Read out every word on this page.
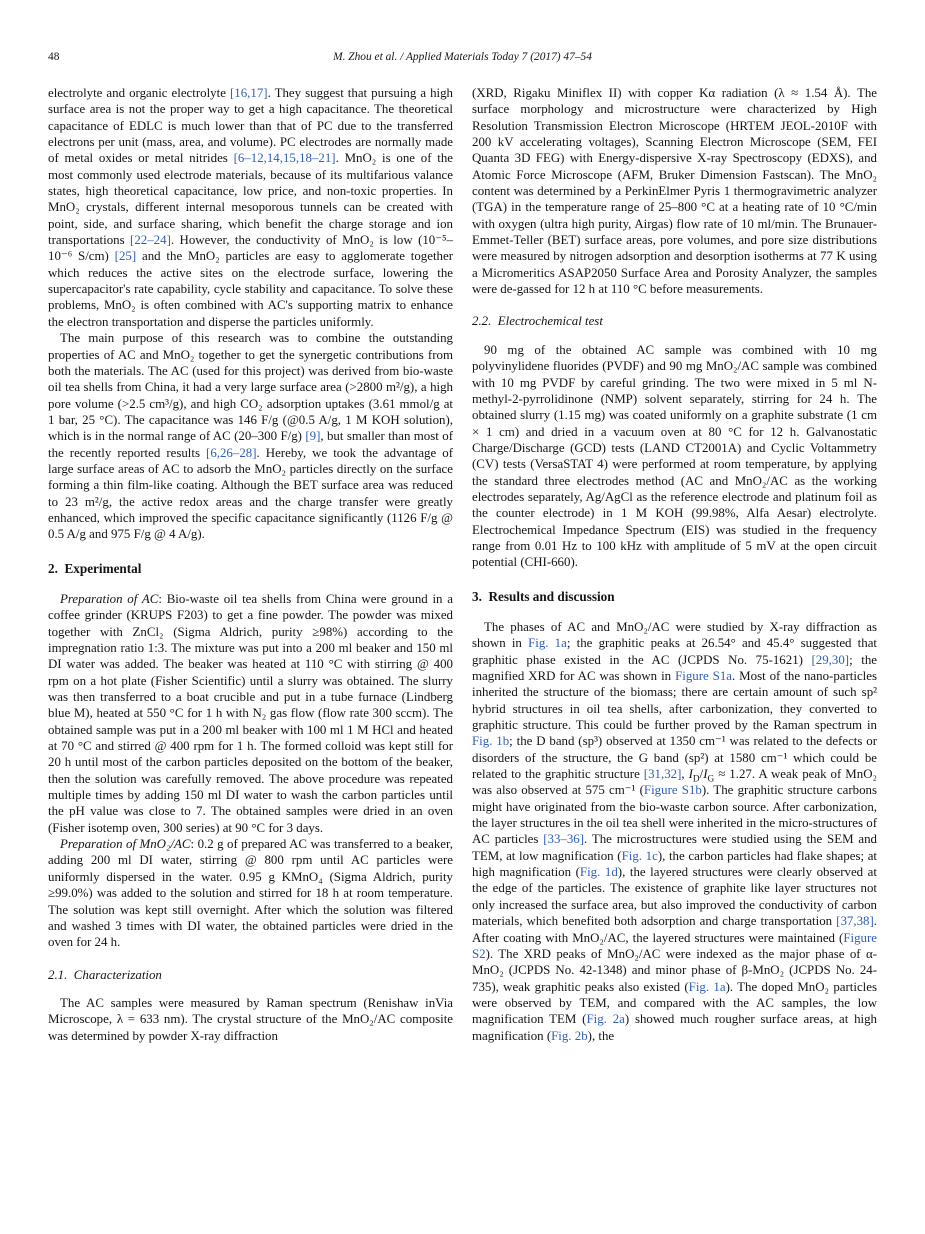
48	M. Zhou et al. / Applied Materials Today 7 (2017) 47–54

electrolyte and organic electrolyte [16,17]. They suggest that pursuing a high surface area is not the proper way to get a high capacitance. The theoretical capacitance of EDLC is much lower than that of PC due to the transferred electrons per unit (mass, area, and volume). PC electrodes are normally made of metal oxides or metal nitrides [6–12,14,15,18–21]. MnO₂ is one of the most commonly used electrode materials, because of its multifarious valance states, high theoretical capacitance, low price, and non-toxic properties. In MnO₂ crystals, different internal mesoporous tunnels can be created with point, side, and surface sharing, which benefit the charge storage and ion transportations [22–24]. However, the conductivity of MnO₂ is low (10⁻⁵–10⁻⁶ S/cm) [25] and the MnO₂ particles are easy to agglomerate together which reduces the active sites on the electrode surface, lowering the supercapacitor's rate capability, cycle stability and capacitance. To solve these problems, MnO₂ is often combined with AC's supporting matrix to enhance the electron transportation and disperse the particles uniformly.

The main purpose of this research was to combine the outstanding properties of AC and MnO₂ together to get the synergetic contributions from both the materials. The AC (used for this project) was derived from bio-waste oil tea shells from China, it had a very large surface area (>2800 m²/g), a high pore volume (>2.5 cm³/g), and high CO₂ adsorption uptakes (3.61 mmol/g at 1 bar, 25 °C). The capacitance was 146 F/g (@0.5 A/g, 1 M KOH solution), which is in the normal range of AC (20–300 F/g) [9], but smaller than most of the recently reported results [6,26–28]. Hereby, we took the advantage of large surface areas of AC to adsorb the MnO₂ particles directly on the surface forming a thin film-like coating. Although the BET surface area was reduced to 23 m²/g, the active redox areas and the charge transfer were greatly enhanced, which improved the specific capacitance significantly (1126 F/g @ 0.5 A/g and 975 F/g @ 4 A/g).

2. Experimental

Preparation of AC: Bio-waste oil tea shells from China were ground in a coffee grinder (KRUPS F203) to get a fine powder. The powder was mixed together with ZnCl₂ (Sigma Aldrich, purity ≥98%) according to the impregnation ratio 1:3. The mixture was put into a 200 ml beaker and 150 ml DI water was added. The beaker was heated at 110 °C with stirring @ 400 rpm on a hot plate (Fisher Scientific) until a slurry was obtained. The slurry was then transferred to a boat crucible and put in a tube furnace (Lindberg blue M), heated at 550 °C for 1 h with N₂ gas flow (flow rate 300 sccm). The obtained sample was put in a 200 ml beaker with 100 ml 1 M HCl and heated at 70 °C and stirred @ 400 rpm for 1 h. The formed colloid was kept still for 20 h until most of the carbon particles deposited on the bottom of the beaker, then the solution was carefully removed. The above procedure was repeated multiple times by adding 150 ml DI water to wash the carbon particles until the pH value was close to 7. The obtained samples were dried in an oven (Fisher isotemp oven, 300 series) at 90 °C for 3 days.

Preparation of MnO₂/AC: 0.2 g of prepared AC was transferred to a beaker, adding 200 ml DI water, stirring @ 800 rpm until AC particles were uniformly dispersed in the water. 0.95 g KMnO₄ (Sigma Aldrich, purity ≥99.0%) was added to the solution and stirred for 18 h at room temperature. The solution was kept still overnight. After which the solution was filtered and washed 3 times with DI water, the obtained particles were dried in the oven for 24 h.

2.1. Characterization

The AC samples were measured by Raman spectrum (Renishaw inVia Microscope, λ = 633 nm). The crystal structure of the MnO₂/AC composite was determined by powder X-ray diffraction

(XRD, Rigaku Miniflex II) with copper Kα radiation (λ ≈ 1.54 Å). The surface morphology and microstructure were characterized by High Resolution Transmission Electron Microscope (HRTEM JEOL-2010F with 200 kV accelerating voltages), Scanning Electron Microscope (SEM, FEI Quanta 3D FEG) with Energy-dispersive X-ray Spectroscopy (EDXS), and Atomic Force Microscope (AFM, Bruker Dimension Fastscan). The MnO₂ content was determined by a PerkinElmer Pyris 1 thermogravimetric analyzer (TGA) in the temperature range of 25–800 °C at a heating rate of 10 °C/min with oxygen (ultra high purity, Airgas) flow rate of 10 ml/min. The Brunauer-Emmet-Teller (BET) surface areas, pore volumes, and pore size distributions were measured by nitrogen adsorption and desorption isotherms at 77 K using a Micromeritics ASAP2050 Surface Area and Porosity Analyzer, the samples were de-gassed for 12 h at 110 °C before measurements.

2.2. Electrochemical test

90 mg of the obtained AC sample was combined with 10 mg polyvinylidene fluorides (PVDF) and 90 mg MnO₂/AC sample was combined with 10 mg PVDF by careful grinding. The two were mixed in 5 ml N-methyl-2-pyrrolidinone (NMP) solvent separately, stirring for 24 h. The obtained slurry (1.15 mg) was coated uniformly on a graphite substrate (1 cm × 1 cm) and dried in a vacuum oven at 80 °C for 12 h. Galvanostatic Charge/Discharge (GCD) tests (LAND CT2001A) and Cyclic Voltammetry (CV) tests (VersaSTAT 4) were performed at room temperature, by applying the standard three electrodes method (AC and MnO₂/AC as the working electrodes separately, Ag/AgCl as the reference electrode and platinum foil as the counter electrode) in 1 M KOH (99.98%, Alfa Aesar) electrolyte. Electrochemical Impedance Spectrum (EIS) was studied in the frequency range from 0.01 Hz to 100 kHz with amplitude of 5 mV at the open circuit potential (CHI-660).

3. Results and discussion

The phases of AC and MnO₂/AC were studied by X-ray diffraction as shown in Fig. 1a; the graphitic peaks at 26.54° and 45.4° suggested that graphitic phase existed in the AC (JCPDS No. 75-1621) [29,30]; the magnified XRD for AC was shown in Figure S1a. Most of the nano-particles inherited the structure of the biomass; there are certain amount of such sp² hybrid structures in oil tea shells, after carbonization, they converted to graphitic structure. This could be further proved by the Raman spectrum in Fig. 1b; the D band (sp³) observed at 1350 cm⁻¹ was related to the defects or disorders of the structure, the G band (sp²) at 1580 cm⁻¹ which could be related to the graphitic structure [31,32], $I_D/I_G \approx 1.27$. A weak peak of MnO₂ was also observed at 575 cm⁻¹ (Figure S1b). The graphitic structure carbons might have originated from the bio-waste carbon source. After carbonization, the layer structures in the oil tea shell were inherited in the micro-structures of AC particles [33–36]. The microstructures were studied using the SEM and TEM, at low magnification (Fig. 1c), the carbon particles had flake shapes; at high magnification (Fig. 1d), the layered structures were clearly observed at the edge of the particles. The existence of graphite like layer structures not only increased the surface area, but also improved the conductivity of carbon materials, which benefited both adsorption and charge transportation [37,38]. After coating with MnO₂/AC, the layered structures were maintained (Figure S2). The XRD peaks of MnO₂/AC were indexed as the major phase of α-MnO₂ (JCPDS No. 42-1348) and minor phase of β-MnO₂ (JCPDS No. 24-735), weak graphitic peaks also existed (Fig. 1a). The doped MnO₂ particles were observed by TEM, and compared with the AC samples, the low magnification TEM (Fig. 2a) showed much rougher surface areas, at high magnification (Fig. 2b), the
